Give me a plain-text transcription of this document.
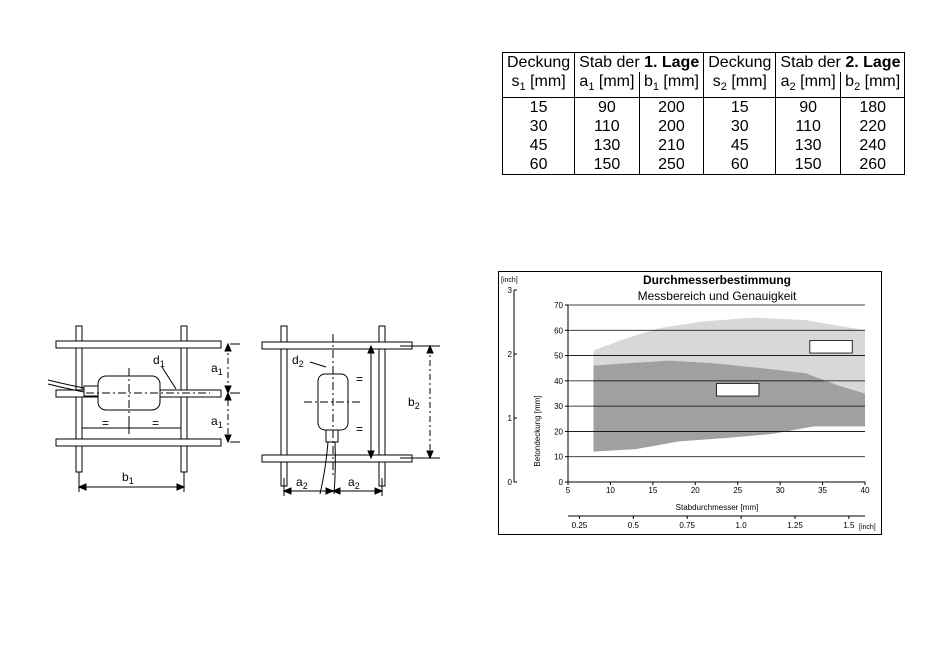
Deckung	Stab der 1. Lage		Deckung	Stab der 2. Lage	
$s_1$ [mm]	$a_1$ [mm]	$b_1$ [mm]	$s_2$ [mm]	$a_2$ [mm]	$b_2$ [mm]
15	90	200	15	90	180
30	110	200	30	110	220
45	130	210	45	130	240
60	150	250	60	150	260
$d_1$	$a_1$
$a_1$
$b_1$
=	=
$d_2$
$a_2$	$a_2$
$b_2$
=
=
Durchmesserbestimmung
Messbereich und Genauigkeit
[inch]
[inch]
Stabdurchmesser [mm]
Betondeckung [mm]
5	10	15	20	25	30	35	40
0
10
20
30
40
50
60
70
0
1
2
3
0.25	0.5	0.75	1.0	1.25	1.5
